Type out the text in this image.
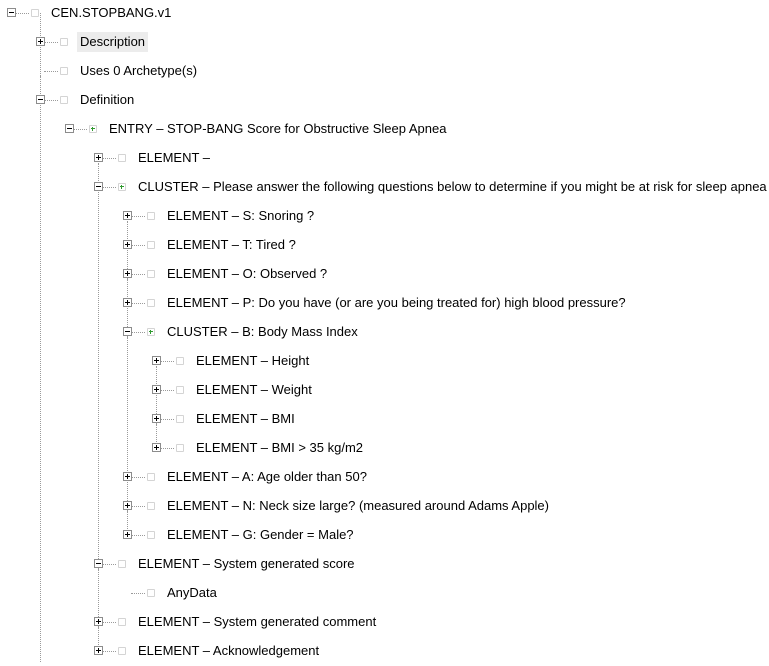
CEN.STOPBANG.v1
Description
Uses 0 Archetype(s)
Definition
ENTRY – STOP-BANG Score for Obstructive Sleep Apnea
ELEMENT –
CLUSTER – Please answer the following questions below to determine if you might be at risk for sleep apnea
ELEMENT – S: Snoring ?
ELEMENT – T: Tired ?
ELEMENT – O: Observed ?
ELEMENT – P: Do you have (or are you being treated for) high blood pressure?
CLUSTER – B: Body Mass Index
ELEMENT – Height
ELEMENT – Weight
ELEMENT – BMI
ELEMENT – BMI > 35 kg/m2
ELEMENT – A: Age older than 50?
ELEMENT – N: Neck size large? (measured around Adams Apple)
ELEMENT – G: Gender = Male?
ELEMENT – System generated score
AnyData
ELEMENT – System generated comment
ELEMENT – Acknowledgement
